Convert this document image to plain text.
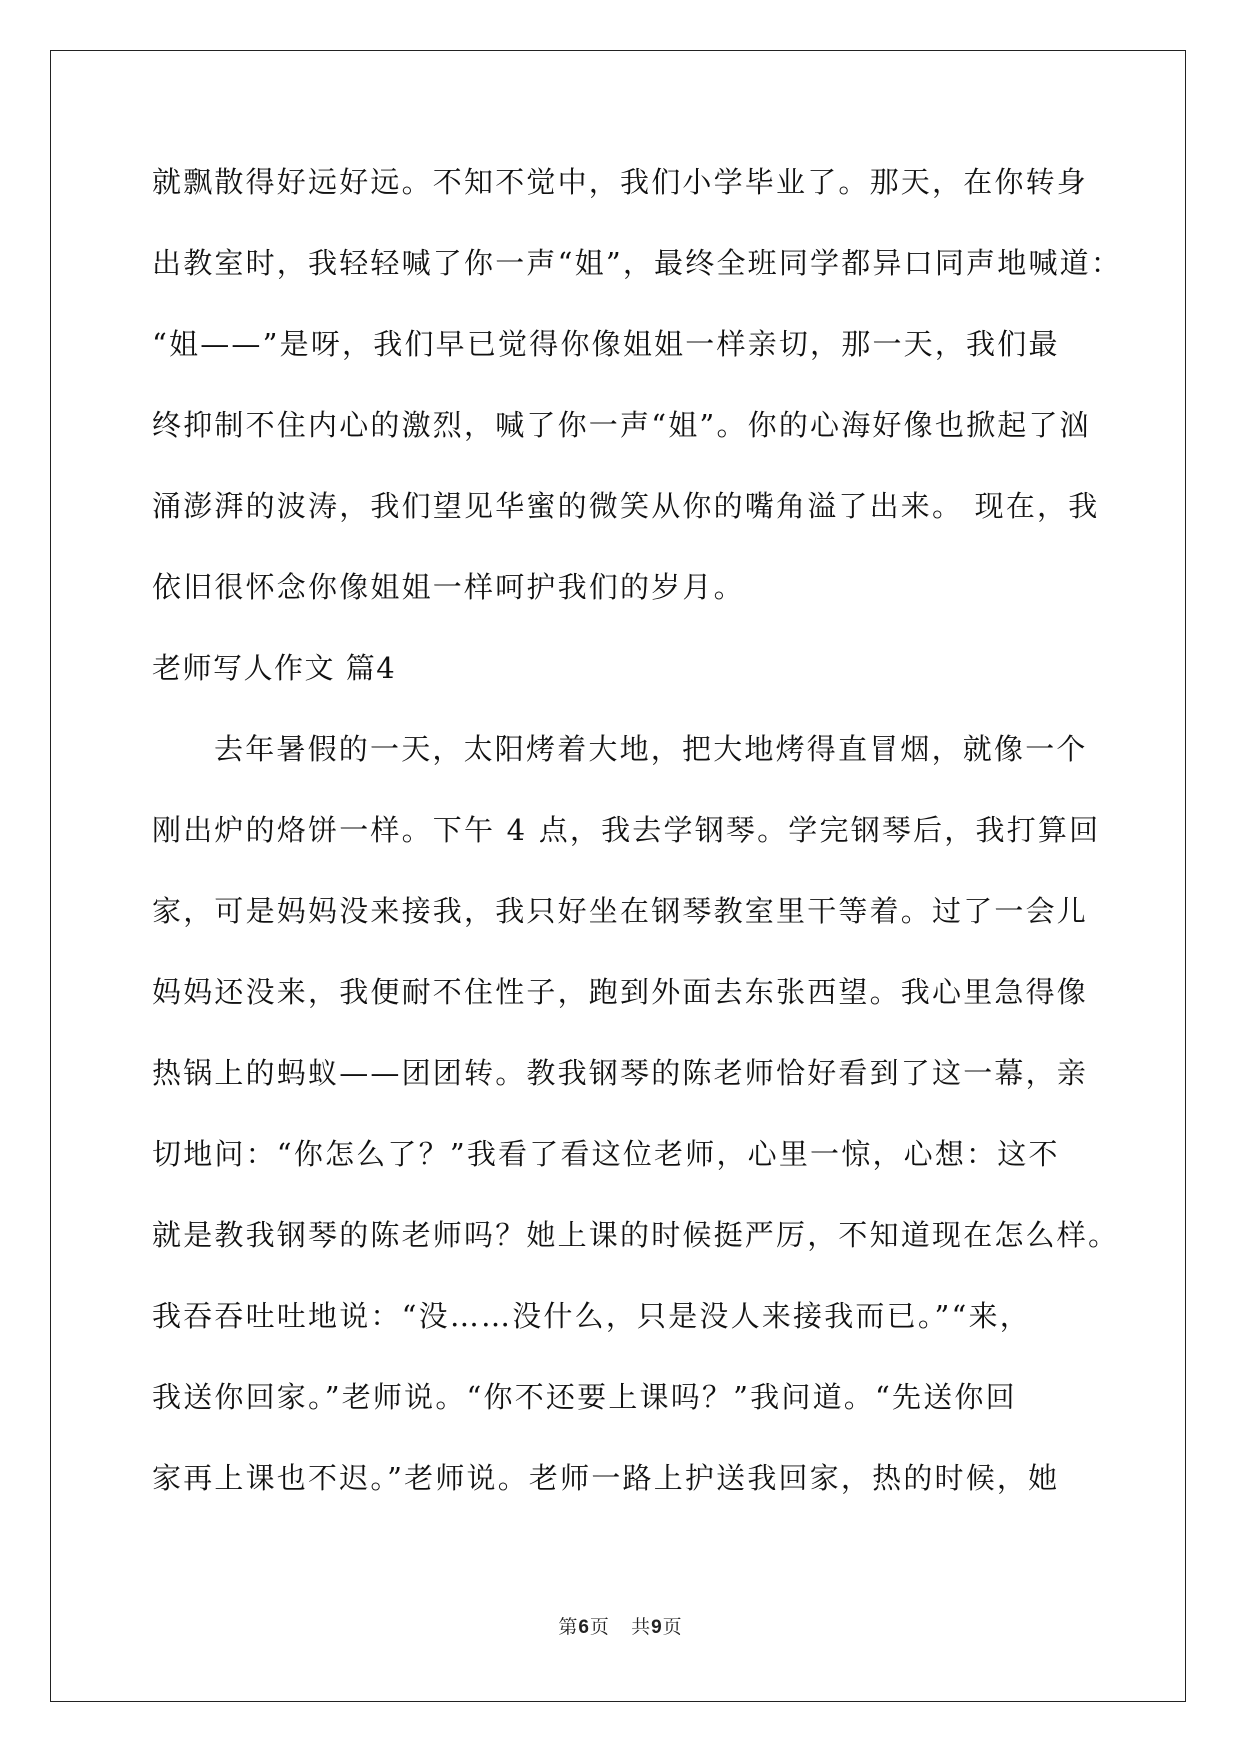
就飘散得好远好远。不知不觉中，我们小学毕业了。那天，在你转身
出教室时，我轻轻喊了你一声“姐”，最终全班同学都异口同声地喊道：
“姐——”是呀，我们早已觉得你像姐姐一样亲切，那一天，我们最
终抑制不住内心的激烈，喊了你一声“姐”。你的心海好像也掀起了汹
涌澎湃的波涛，我们望见华蜜的微笑从你的嘴角溢了出来。 现在，我
依旧很怀念你像姐姐一样呵护我们的岁月。
老师写人作文 篇4
去年暑假的一天，太阳烤着大地，把大地烤得直冒烟，就像一个
刚出炉的烙饼一样。下午 4 点，我去学钢琴。学完钢琴后，我打算回
家，可是妈妈没来接我，我只好坐在钢琴教室里干等着。过了一会儿
妈妈还没来，我便耐不住性子，跑到外面去东张西望。我心里急得像
热锅上的蚂蚁——团团转。教我钢琴的陈老师恰好看到了这一幕，亲
切地问：“你怎么了？”我看了看这位老师，心里一惊，心想：这不
就是教我钢琴的陈老师吗？她上课的时候挺严厉，不知道现在怎么样。
我吞吞吐吐地说：“没……没什么，只是没人来接我而已。”“来，
我送你回家。”老师说。“你不还要上课吗？”我问道。“先送你回
家再上课也不迟。”老师说。老师一路上护送我回家，热的时候，她
第6页 共9页
